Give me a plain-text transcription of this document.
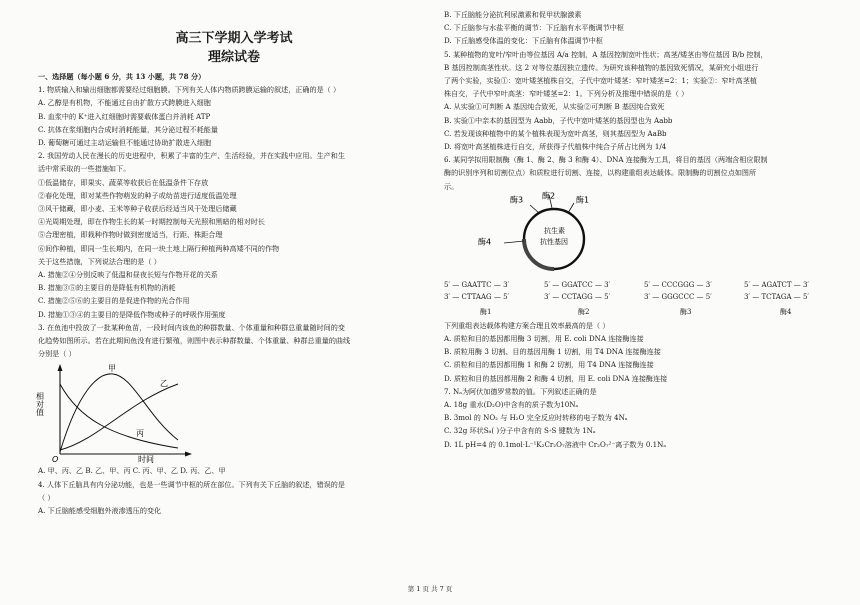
高三下学期入学考试
理综试卷

一、选择题（每小题 6 分，共 13 小题，共 78 分）

1. 物质输入和输出细胞都需要经过细胞膜。下列有关人体内物质跨膜运输的叙述，正确的是（ ）

A. 乙醇是有机物，不能通过自由扩散方式跨膜进入细胞

B. 血浆中的 K⁺进入红细胞时需要载体蛋白并消耗 ATP

C. 抗体在浆细胞内合成时消耗能量，其分泌过程不耗能量

D. 葡萄糖可通过主动运输但不能通过协助扩散进入细胞

2. 我国劳动人民在漫长的历史进程中，积累了丰富的生产、生活经验，并在实践中应用。生产和生

活中常采取的一些措施如下。

①低温储存，即果实、蔬菜等收获后在低温条件下存放

②春化处理，即对某些作物萌发的种子或幼苗进行适度低温处理

③风干储藏，即小麦、玉米等种子收获后经适当风干处理后储藏

④光周期处理，即在作物生长的某一时期控制每天光照和黑暗的相对时长

⑤合理密植，即栽种作物时做到密度适当，行距、株距合理

⑥间作种植，即同一生长期内，在同一块土地上隔行种植两种高矮不同的作物

关于这些措施，下列说法合理的是（ ）

A. 措施②④分别反映了低温和昼夜长短与作物开花的关系

B. 措施③⑤的主要目的是降低有机物的消耗

C. 措施②⑤⑥的主要目的是促进作物的光合作用

D. 措施①③④的主要目的是降低作物或种子的呼吸作用强度

3. 在鱼池中投放了一批某种鱼苗，一段时间内该鱼的种群数量、个体重量和种群总重量随时间的变

化趋势如图所示。若在此期间鱼没有进行繁殖，则图中表示种群数量、个体重量、种群总重量的曲线

分别是（ ）

相对值
时间
O
甲
乙
丙

A. 甲、丙、乙 B. 乙、甲、丙 C. 丙、甲、乙 D. 丙、乙、甲

4. 人体下丘脑具有内分泌功能，也是一些调节中枢的所在部位。下列有关下丘脑的叙述，错误的是

（ ）

A. 下丘脑能感受细胞外液渗透压的变化

B. 下丘脑能分泌抗利尿激素和促甲状腺激素

C. 下丘脑参与水盐平衡的调节：下丘脑有水平衡调节中枢

D. 下丘脑感受体温的变化：下丘脑有体温调节中枢

5. 某种植物的宽叶/窄叶由等位基因 A/a 控制，A 基因控制宽叶性状；高茎/矮茎由等位基因 B/b 控制，

B 基因控制高茎性状。这 2 对等位基因独立遗传。为研究该种植物的基因致死情况，某研究小组进行

了两个实验，实验①：宽叶矮茎植株自交，子代中宽叶矮茎：窄叶矮茎=2：1；实验②：窄叶高茎植

株自交，子代中窄叶高茎：窄叶矮茎=2：1。下列分析及推理中错误的是（ ）

A. 从实验①可判断 A 基因纯合致死，从实验②可判断 B 基因纯合致死

B. 实验①中亲本的基因型为 Aabb，子代中宽叶矮茎的基因型也为 Aabb

C. 若发现该种植物中的某个植株表现为宽叶高茎，则其基因型为 AaBb

D. 将宽叶高茎植株进行自交，所获得子代植株中纯合子所占比例为 1/4

6. 某同学拟用限制酶（酶 1、酶 2、酶 3 和酶 4）、DNA 连接酶为工具，将目的基因（两端含相应限制

酶的识别序列和切割位点）和质粒进行切割、连接，以构建重组表达载体。限制酶的切割位点如图所

示。

酶2
酶3	酶1
酶4
抗生素
抗性基因
5′ — GAATTC — 3′
3′ — CTTAAG — 5′
酶1
5′ — GGATCC — 3′
3′ — CCTAGG — 5′
酶2
5′ — CCCGGG — 3′
3′ — GGGCCC — 5′
酶3
5′ — AGATCT — 3′
3′ — TCTAGA — 5′
酶4

下列重组表达载体构建方案合理且效率最高的是（ ）

A. 质粒和目的基因都用酶 3 切割，用 E. coli DNA 连接酶连接

B. 质粒用酶 3 切割、目的基因用酶 1 切割，用 T4 DNA 连接酶连接

C. 质粒和目的基因都用酶 1 和酶 2 切割，用 T4 DNA 连接酶连接

D. 质粒和目的基因都用酶 2 和酶 4 切割，用 E. coli DNA 连接酶连接

7. Nₐ为阿伏加德罗常数的值。下列叙述正确的是

A. 18g 重水(D₂O)中含有的质子数为10Nₐ

B. 3mol 的 NO₂ 与 H₂O 完全反应时转移的电子数为 4Nₐ

C. 32g 环状S₈( )分子中含有的 S-S 键数为 1Nₐ

D. 1L pH=4 的 0.1mol·L⁻¹K₂Cr₂O₇溶液中 Cr₂O₇²⁻离子数为 0.1Nₐ

第 1 页 共 7 页
